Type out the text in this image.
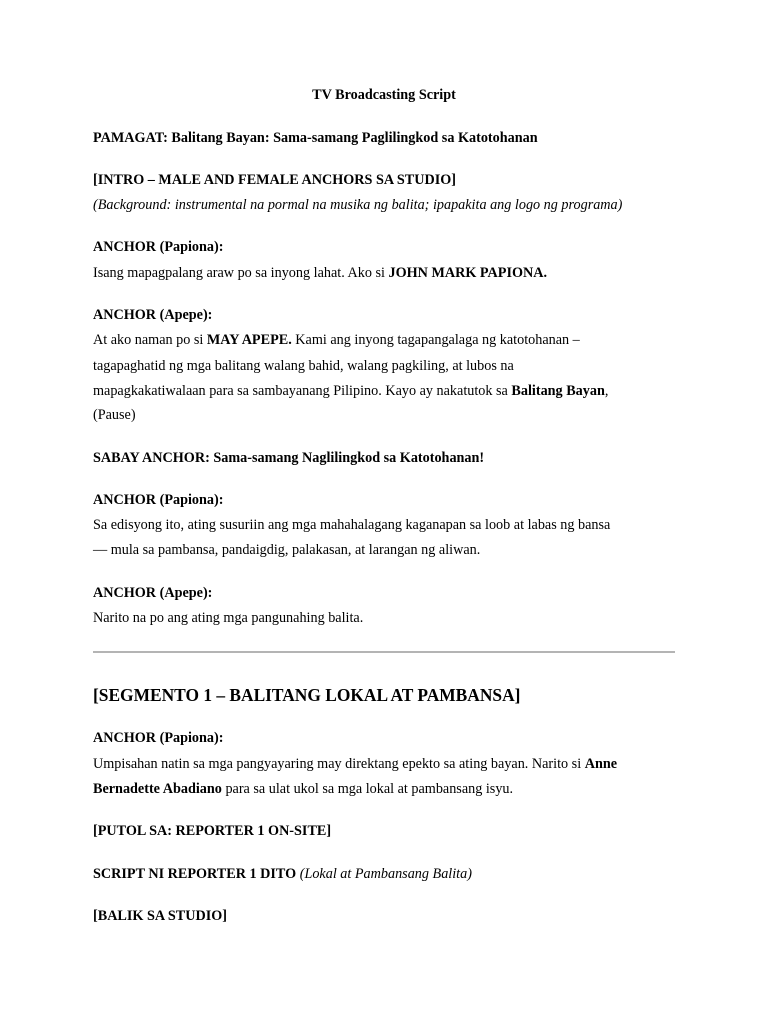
TV Broadcasting Script
PAMAGAT: Balitang Bayan: Sama-samang Paglilingkod sa Katotohanan
[INTRO – MALE AND FEMALE ANCHORS SA STUDIO]
(Background: instrumental na pormal na musika ng balita; ipapakita ang logo ng programa)
ANCHOR (Papiona):
Isang mapagpalang araw po sa inyong lahat. Ako si JOHN MARK PAPIONA.
ANCHOR (Apepe):
At ako naman po si MAY APEPE. Kami ang inyong tagapangalaga ng katotohanan –
tagapaghatid ng mga balitang walang bahid, walang pagkiling, at lubos na
mapagkakatiwalaan para sa sambayanang Pilipino. Kayo ay nakatutok sa Balitang Bayan,
(Pause)
SABAY ANCHOR: Sama-samang Naglilingkod sa Katotohanan!
ANCHOR (Papiona):
Sa edisyong ito, ating susuriin ang mga mahahalagang kaganapan sa loob at labas ng bansa
— mula sa pambansa, pandaigdig, palakasan, at larangan ng aliwan.
ANCHOR (Apepe):
Narito na po ang ating mga pangunahing balita.
[SEGMENTO 1 – BALITANG LOKAL AT PAMBANSA]
ANCHOR (Papiona):
Umpisahan natin sa mga pangyayaring may direktang epekto sa ating bayan. Narito si Anne
Bernadette Abadiano para sa ulat ukol sa mga lokal at pambansang isyu.
[PUTOL SA: REPORTER 1 ON-SITE]
SCRIPT NI REPORTER 1 DITO (Lokal at Pambansang Balita)
[BALIK SA STUDIO]
